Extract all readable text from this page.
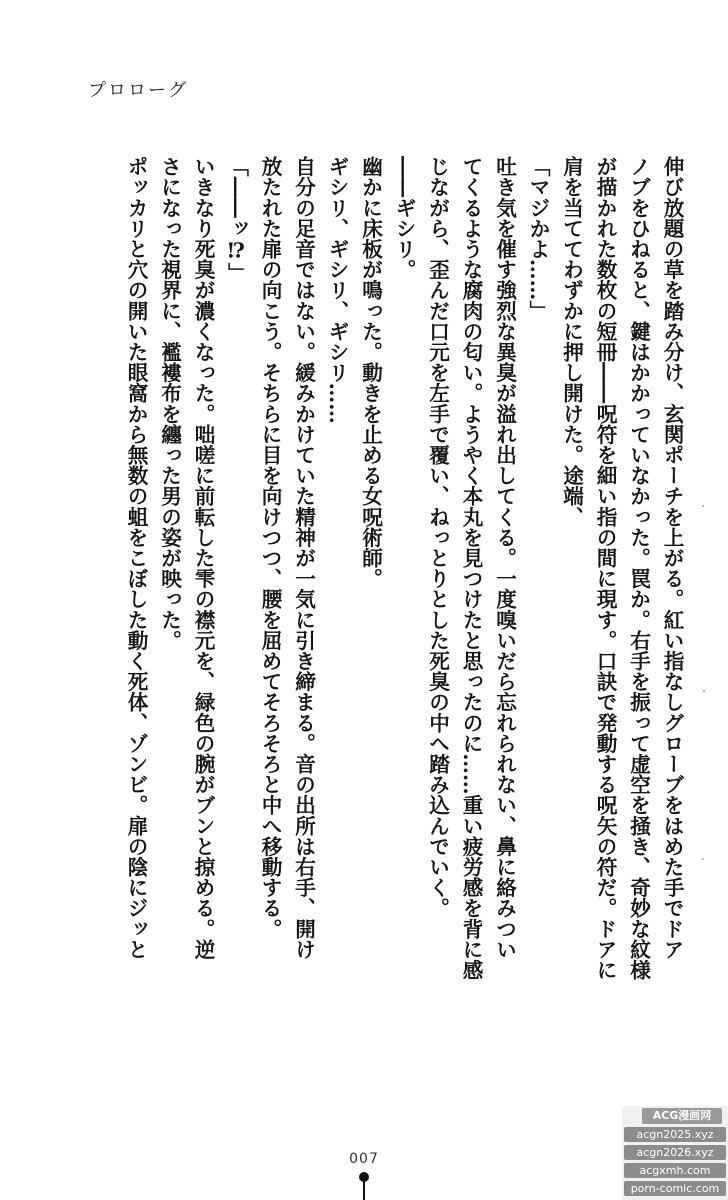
プロローグ
伸び放題の草を踏み分け、玄関ポーチを上がる。紅い指なしグローブをはめた手でドア
ノブをひねると、鍵はかかっていなかった。罠か。右手を振って虚空を掻き、奇妙な紋様
が描かれた数枚の短冊――呪符を細い指の間に現す。口訣で発動する呪矢の符だ。ドアに
肩を当ててわずかに押し開けた。途端、
「マジかよ……」
吐き気を催す強烈な異臭が溢れ出してくる。一度嗅いだら忘れられない、鼻に絡みつい
てくるような腐肉の匂い。ようやく本丸を見つけたと思ったのに……重い疲労感を背に感
じながら、歪んだ口元を左手で覆い、ねっとりとした死臭の中へ踏み込んでいく。
――ギシリ。
幽かに床板が鳴った。動きを止める女呪術師。
ギシリ、ギシリ、ギシリ……
自分の足音ではない。緩みかけていた精神が一気に引き締まる。音の出所は右手、開け
放たれた扉の向こう。そちらに目を向けつつ、腰を屈めてそろそろと中へ移動する。
「――ッ⁉」
いきなり死臭が濃くなった。咄嗟に前転した雫の襟元を、緑色の腕がブンと掠める。逆
さになった視界に、襤褸布を纏った男の姿が映った。
ポッカリと穴の開いた眼窩から無数の蛆をこぼした動く死体、ゾンビ。扉の陰にジッと
007
ACG漫画网
acgn2025.xyz
acgn2026.xyz
acgxmh.com
porn-comic.com
